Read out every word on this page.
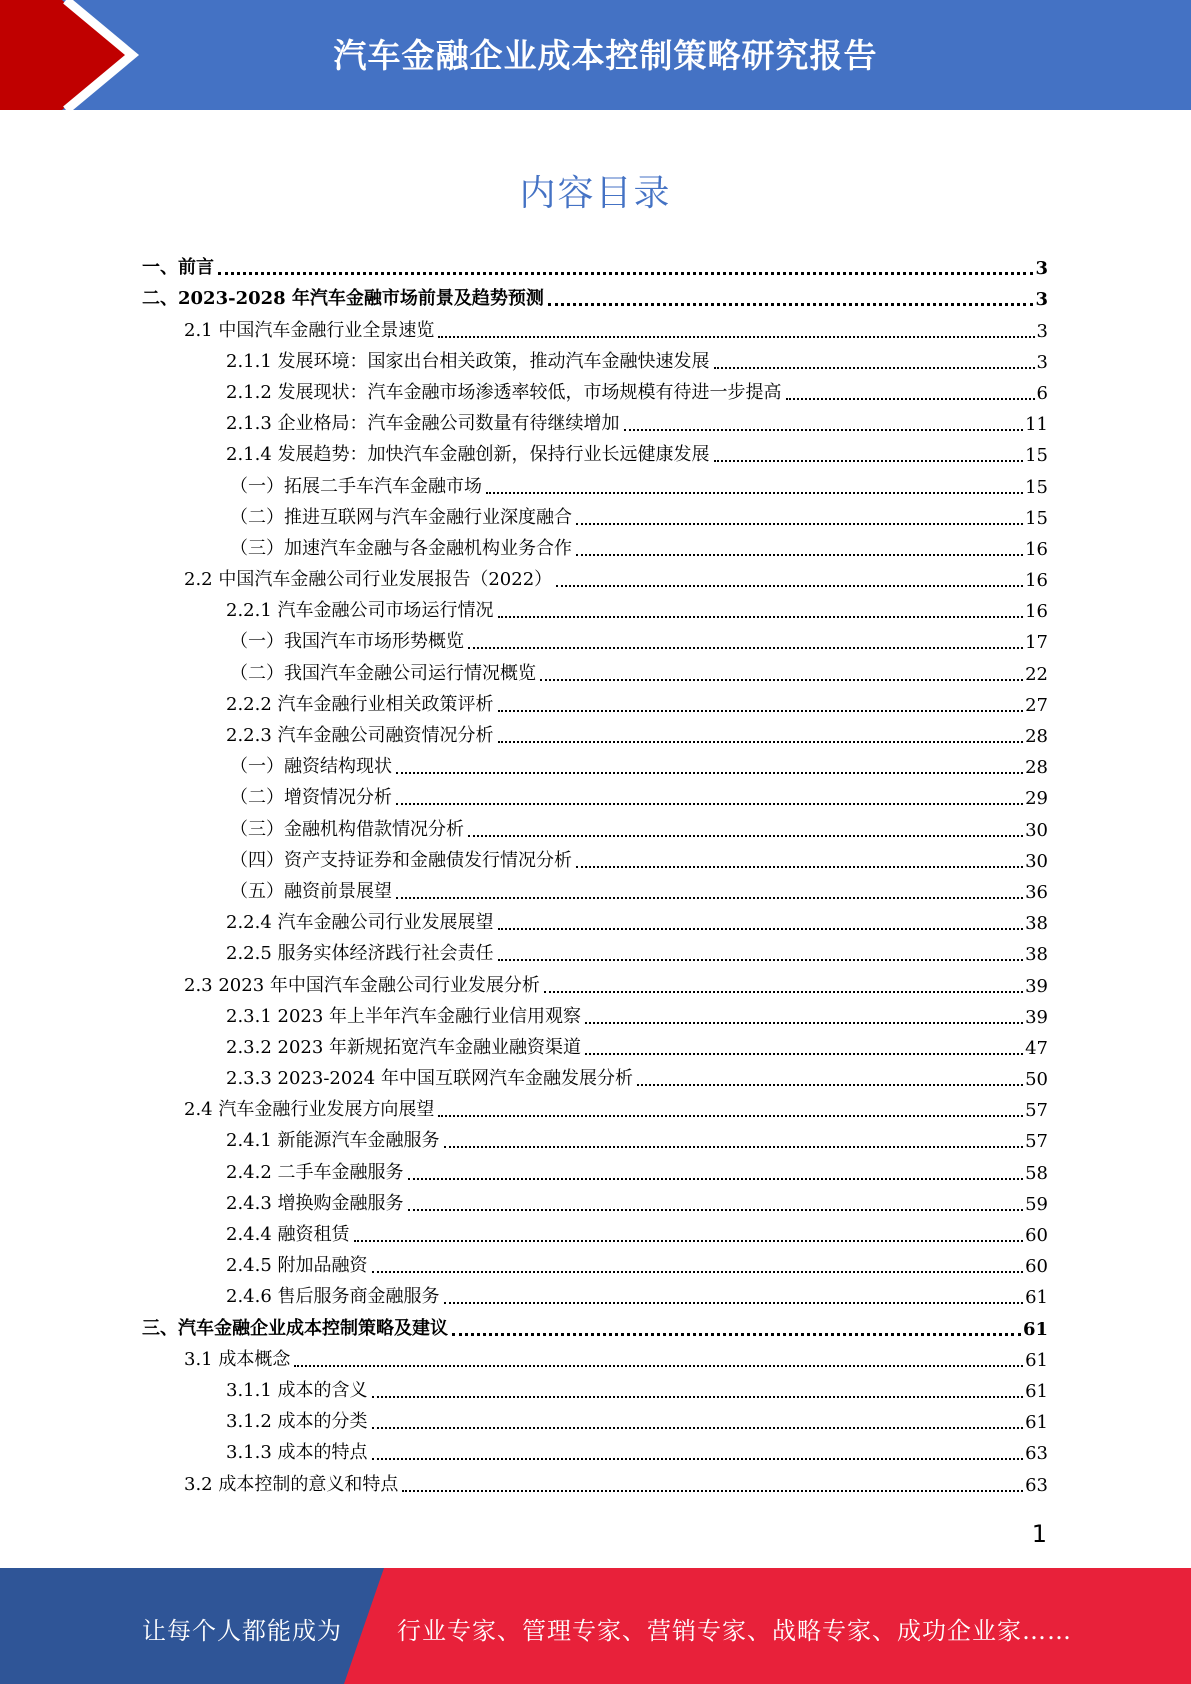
汽车金融企业成本控制策略研究报告
内容目录
一、前言	3
二、2023-2028 年汽车金融市场前景及趋势预测	3
2.1 中国汽车金融行业全景速览	3
2.1.1 发展环境：国家出台相关政策，推动汽车金融快速发展	3
2.1.2 发展现状：汽车金融市场渗透率较低，市场规模有待进一步提高	6
2.1.3 企业格局：汽车金融公司数量有待继续增加	11
2.1.4 发展趋势：加快汽车金融创新，保持行业长远健康发展	15
（一）拓展二手车汽车金融市场	15
（二）推进互联网与汽车金融行业深度融合	15
（三）加速汽车金融与各金融机构业务合作	16
2.2 中国汽车金融公司行业发展报告（2022）	16
2.2.1 汽车金融公司市场运行情况	16
（一）我国汽车市场形势概览	17
（二）我国汽车金融公司运行情况概览	22
2.2.2 汽车金融行业相关政策评析	27
2.2.3 汽车金融公司融资情况分析	28
（一）融资结构现状	28
（二）增资情况分析	29
（三）金融机构借款情况分析	30
（四）资产支持证券和金融债发行情况分析	30
（五）融资前景展望	36
2.2.4 汽车金融公司行业发展展望	38
2.2.5 服务实体经济践行社会责任	38
2.3 2023 年中国汽车金融公司行业发展分析	39
2.3.1 2023 年上半年汽车金融行业信用观察	39
2.3.2 2023 年新规拓宽汽车金融业融资渠道	47
2.3.3 2023-2024 年中国互联网汽车金融发展分析	50
2.4 汽车金融行业发展方向展望	57
2.4.1 新能源汽车金融服务	57
2.4.2 二手车金融服务	58
2.4.3 增换购金融服务	59
2.4.4 融资租赁	60
2.4.5 附加品融资	60
2.4.6 售后服务商金融服务	61
三、汽车金融企业成本控制策略及建议	61
3.1 成本概念	61
3.1.1 成本的含义	61
3.1.2 成本的分类	61
3.1.3 成本的特点	63
3.2 成本控制的意义和特点	63
1
让每个人都能成为 行业专家、管理专家、营销专家、战略专家、成功企业家……
